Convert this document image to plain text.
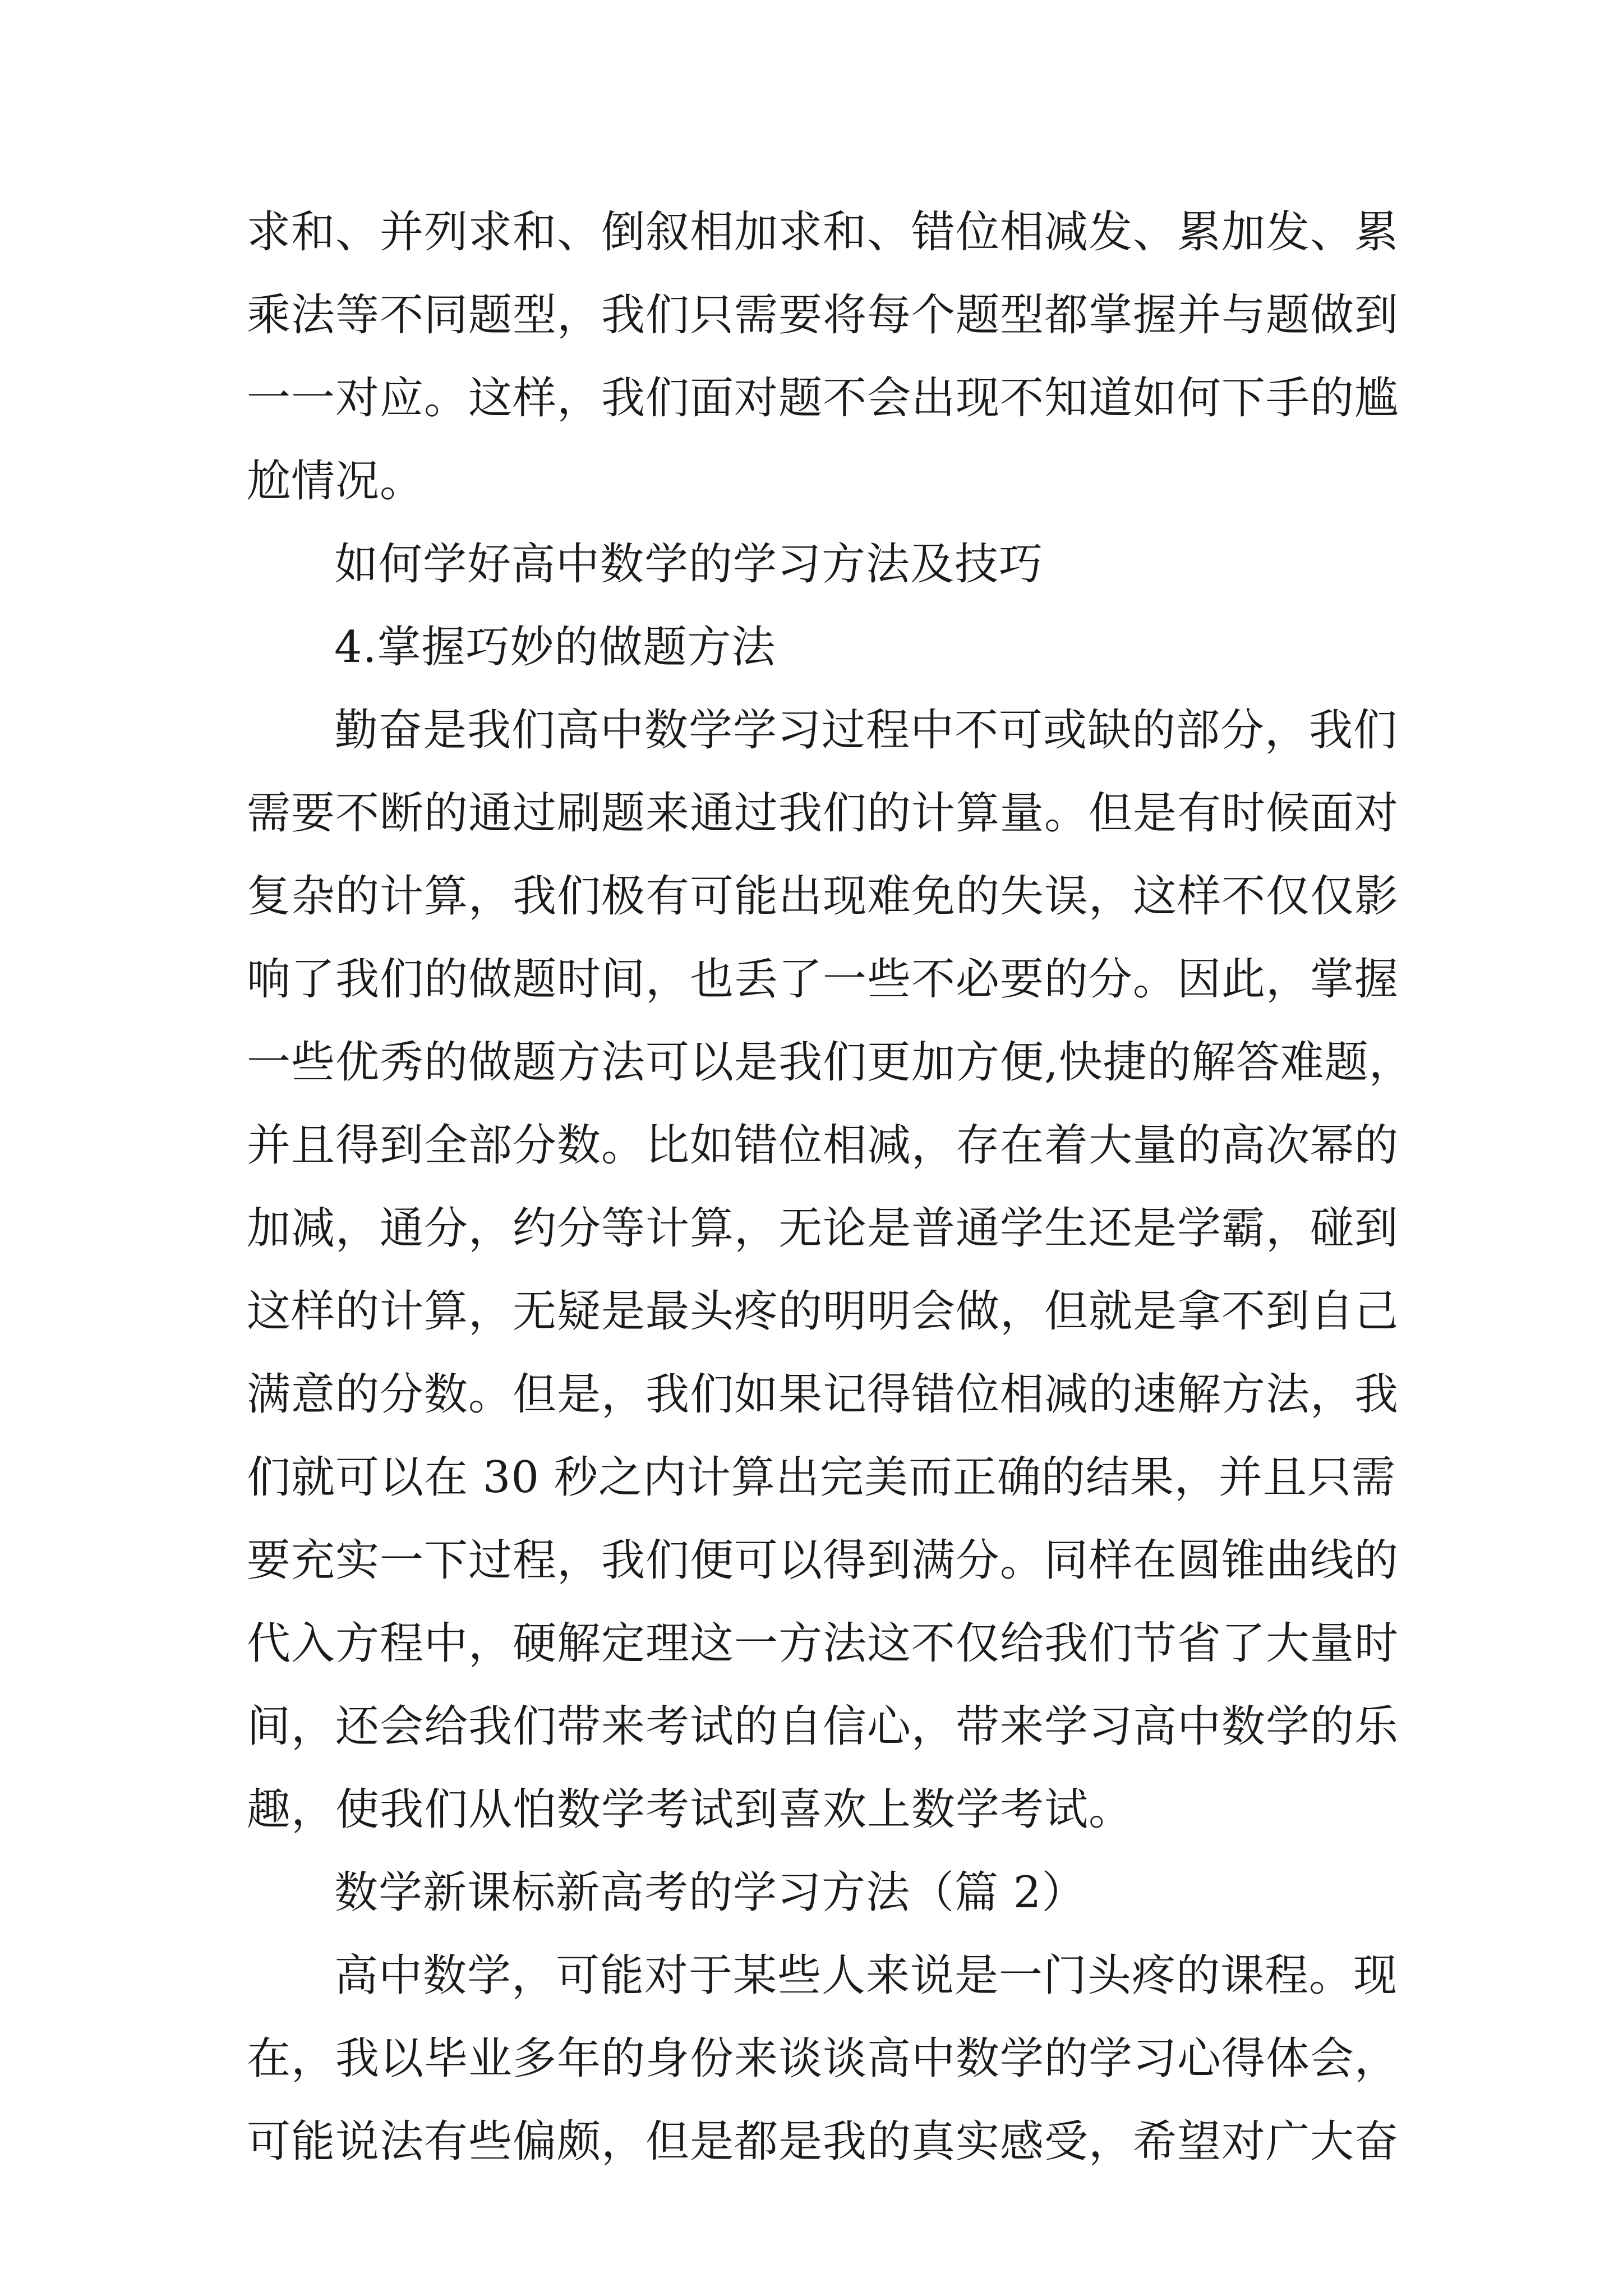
求和、并列求和、倒叙相加求和、错位相减发、累加发、累

乘法等不同题型，我们只需要将每个题型都掌握并与题做到

一一对应。这样，我们面对题不会出现不知道如何下手的尴

尬情况。

如何学好高中数学的学习方法及技巧

4.掌握巧妙的做题方法

勤奋是我们高中数学学习过程中不可或缺的部分，我们

需要不断的通过刷题来通过我们的计算量。但是有时候面对

复杂的计算，我们极有可能出现难免的失误，这样不仅仅影

响了我们的做题时间，也丢了一些不必要的分。因此，掌握

一些优秀的做题方法可以是我们更加方便,快捷的解答难题，

并且得到全部分数。比如错位相减，存在着大量的高次幂的

加减，通分，约分等计算，无论是普通学生还是学霸，碰到

这样的计算，无疑是最头疼的明明会做，但就是拿不到自己

满意的分数。但是，我们如果记得错位相减的速解方法，我

们就可以在 30 秒之内计算出完美而正确的结果，并且只需

要充实一下过程，我们便可以得到满分。同样在圆锥曲线的

代入方程中，硬解定理这一方法这不仅给我们节省了大量时

间，还会给我们带来考试的自信心，带来学习高中数学的乐

趣，使我们从怕数学考试到喜欢上数学考试。

数学新课标新高考的学习方法（篇 2）

高中数学，可能对于某些人来说是一门头疼的课程。现

在，我以毕业多年的身份来谈谈高中数学的学习心得体会，

可能说法有些偏颇，但是都是我的真实感受，希望对广大奋
